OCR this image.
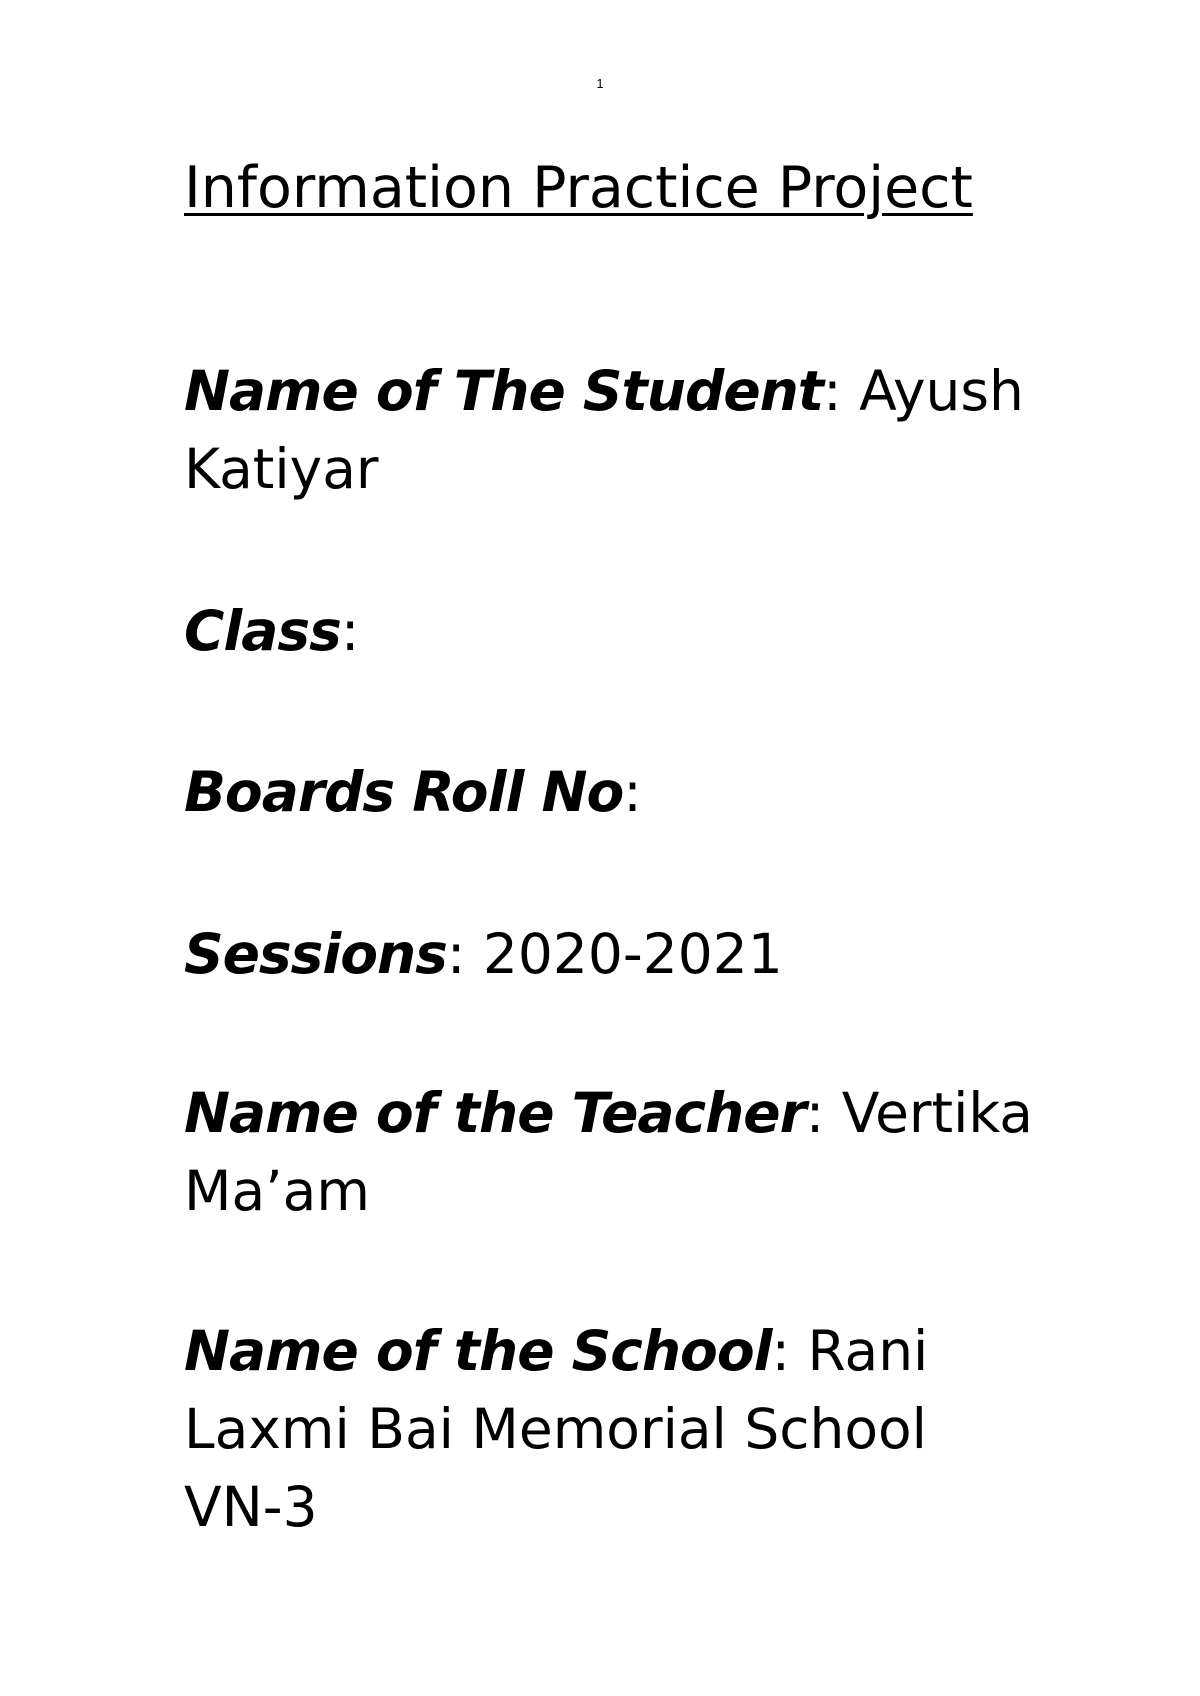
1
Information Practice Project

Name of The Student: Ayush Katiyar

Class:

Boards Roll No:

Sessions: 2020-2021

Name of the Teacher: Vertika Ma’am

Name of the School: Rani Laxmi Bai Memorial School VN-3
